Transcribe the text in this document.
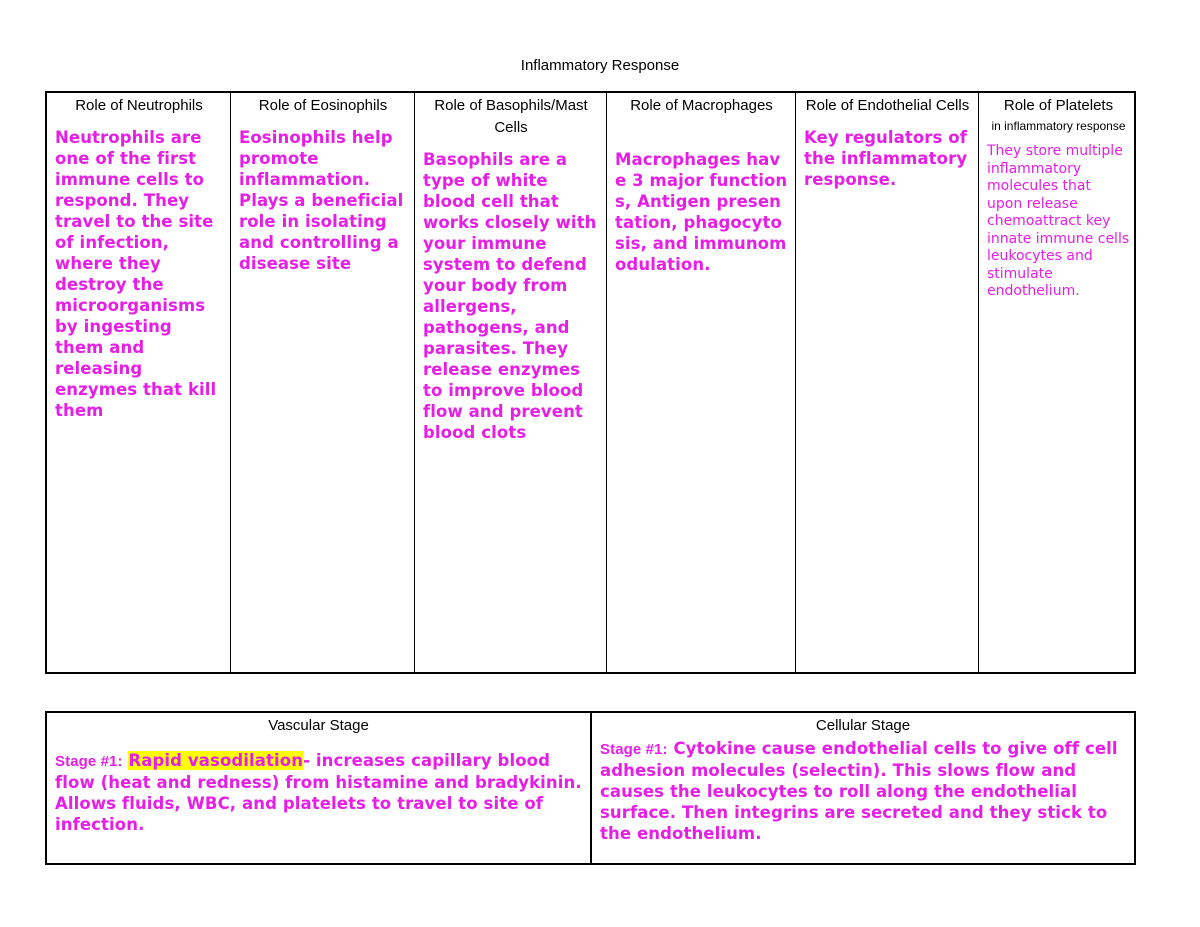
Inflammatory Response
Role of Neutrophils
Neutrophils are one of the first immune cells to respond. They travel to the site of infection, where they destroy the microorganisms by ingesting them and releasing enzymes that kill them
Role of Eosinophils
Eosinophils help promote inflammation. Plays a beneficial role in isolating and controlling a disease site
Role of Basophils/Mast Cells
Basophils are a type of white blood cell that works closely with your immune system to defend your body from allergens, pathogens, and parasites. They release enzymes to improve blood flow and prevent blood clots
Role of Macrophages
Macrophages have 3 major functions, Antigen presentation, phagocytosis, and immunomodulation.
Role of Endothelial Cells
Key regulators of the inflammatory response.
Role of Platelets
in inflammatory response
They store multiple inflammatory molecules that upon release chemoattract key innate immune cells leukocytes and stimulate endothelium.
Vascular Stage
Stage #1: Rapid vasodilation- increases capillary blood flow (heat and redness) from histamine and bradykinin. Allows fluids, WBC, and platelets to travel to site of infection.
Cellular Stage
Stage #1: Cytokine cause endothelial cells to give off cell adhesion molecules (selectin). This slows flow and causes the leukocytes to roll along the endothelial surface. Then integrins are secreted and they stick to the endothelium.
